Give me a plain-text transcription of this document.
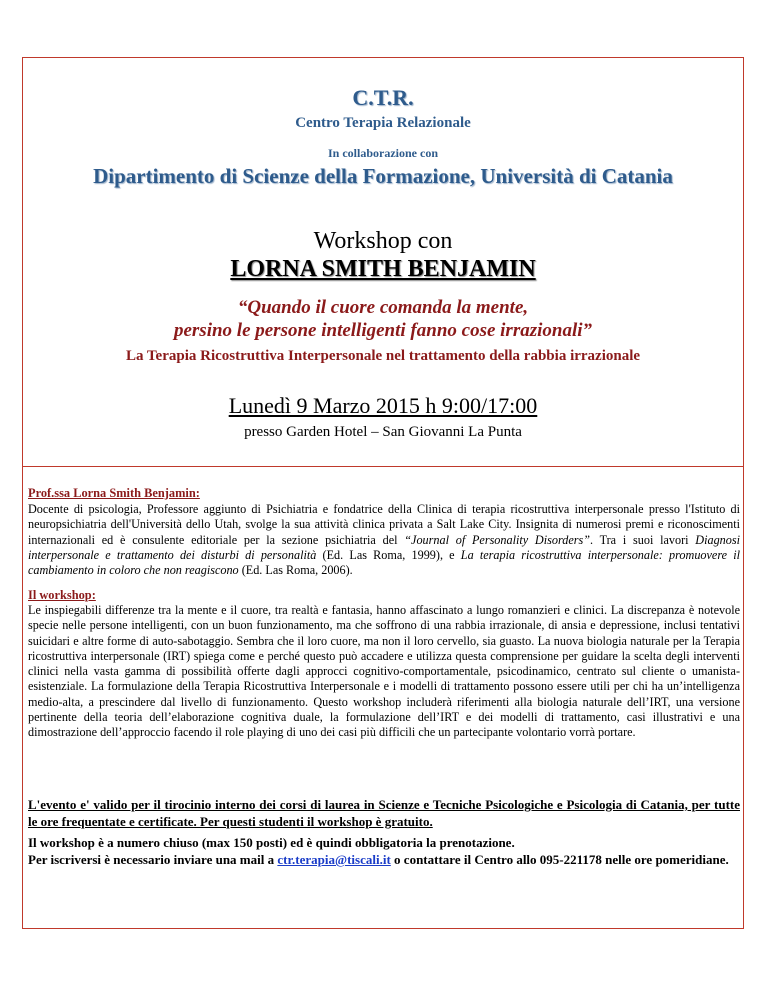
C.T.R.
Centro Terapia Relazionale
In collaborazione con
Dipartimento di Scienze della Formazione, Università di Catania
Workshop con
LORNA SMITH BENJAMIN
“Quando il cuore comanda la mente,
persino le persone intelligenti fanno cose irrazionali”
La Terapia Ricostruttiva Interpersonale nel trattamento della rabbia irrazionale
Lunedì 9 Marzo 2015 h 9:00/17:00
presso Garden Hotel – San Giovanni La Punta
Prof.ssa Lorna Smith Benjamin:
Docente di psicologia, Professore aggiunto di Psichiatria e fondatrice della Clinica di terapia ricostruttiva interpersonale presso l'Istituto di neuropsichiatria dell'Università dello Utah, svolge la sua attività clinica privata a Salt Lake City. Insignita di numerosi premi e riconoscimenti internazionali ed è consulente editoriale per la sezione psichiatria del “Journal of Personality Disorders”. Tra i suoi lavori Diagnosi interpersonale e trattamento dei disturbi di personalità (Ed. Las Roma, 1999), e La terapia ricostruttiva interpersonale: promuovere il cambiamento in coloro che non reagiscono (Ed. Las Roma, 2006).
Il workshop:
Le inspiegabili differenze tra la mente e il cuore, tra realtà e fantasia, hanno affascinato a lungo romanzieri e clinici. La discrepanza è notevole specie nelle persone intelligenti, con un buon funzionamento, ma che soffrono di una rabbia irrazionale, di ansia e depressione, inclusi tentativi suicidari e altre forme di auto-sabotaggio. Sembra che il loro cuore, ma non il loro cervello, sia guasto. La nuova biologia naturale per la Terapia ricostruttiva interpersonale (IRT) spiega come e perché questo può accadere e utilizza questa comprensione per guidare la scelta degli interventi clinici nella vasta gamma di possibilità offerte dagli approcci cognitivo-comportamentale, psicodinamico, centrato sul cliente o umanista-esistenziale. La formulazione della Terapia Ricostruttiva Interpersonale e i modelli di trattamento possono essere utili per chi ha un’intelligenza medio-alta, a prescindere dal livello di funzionamento. Questo workshop includerà riferimenti alla biologia naturale dell’IRT, una versione pertinente della teoria dell’elaborazione cognitiva duale, la formulazione dell’IRT e dei modelli di trattamento, casi illustrativi e una dimostrazione dell’approccio facendo il role playing di uno dei casi più difficili che un partecipante volontario vorrà portare.
L'evento e' valido per il tirocinio interno dei corsi di laurea in Scienze e Tecniche Psicologiche e Psicologia di Catania, per tutte le ore frequentate e certificate. Per questi studenti il workshop è gratuito.
Il workshop è a numero chiuso (max 150 posti) ed è quindi obbligatoria la prenotazione.
Per iscriversi è necessario inviare una mail a ctr.terapia@tiscali.it o contattare il Centro allo 095-221178 nelle ore pomeridiane.
